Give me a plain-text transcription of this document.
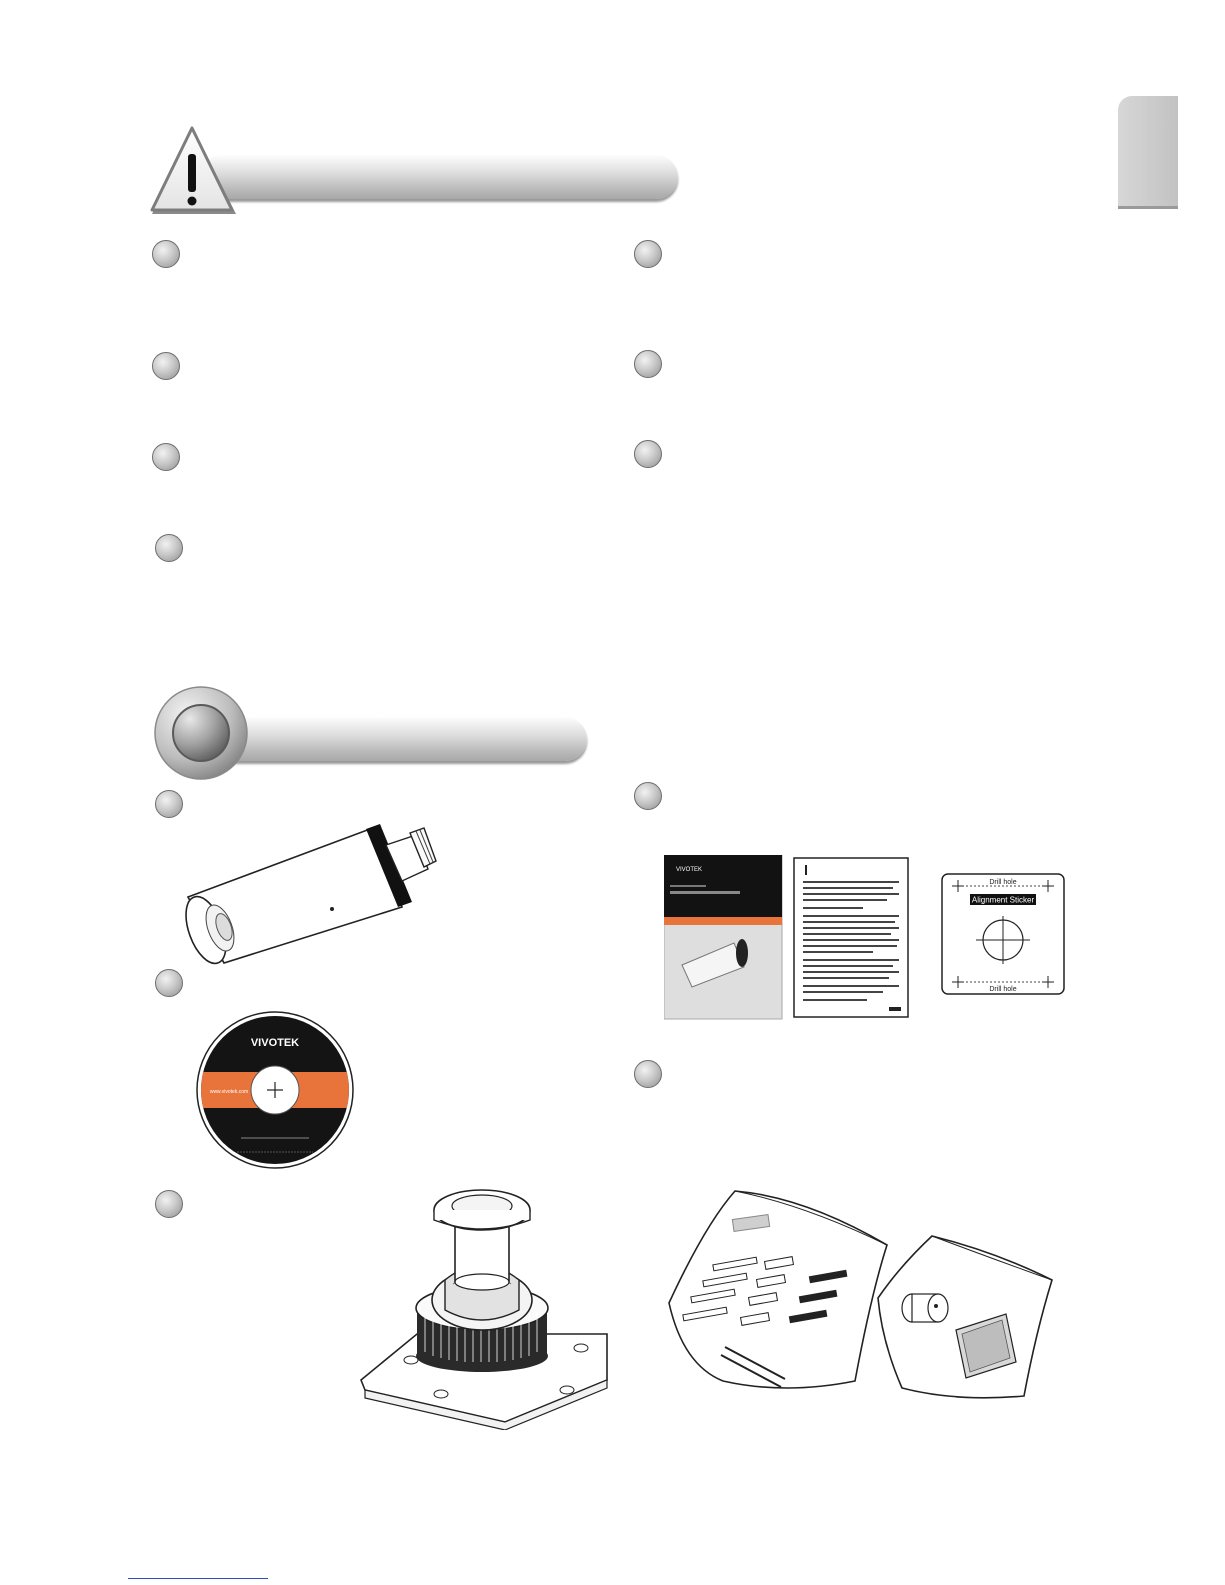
VIVOTEK
www.vivotek.com
VIVOTEK
Drill hole
Alignment Sticker
Drill hole
